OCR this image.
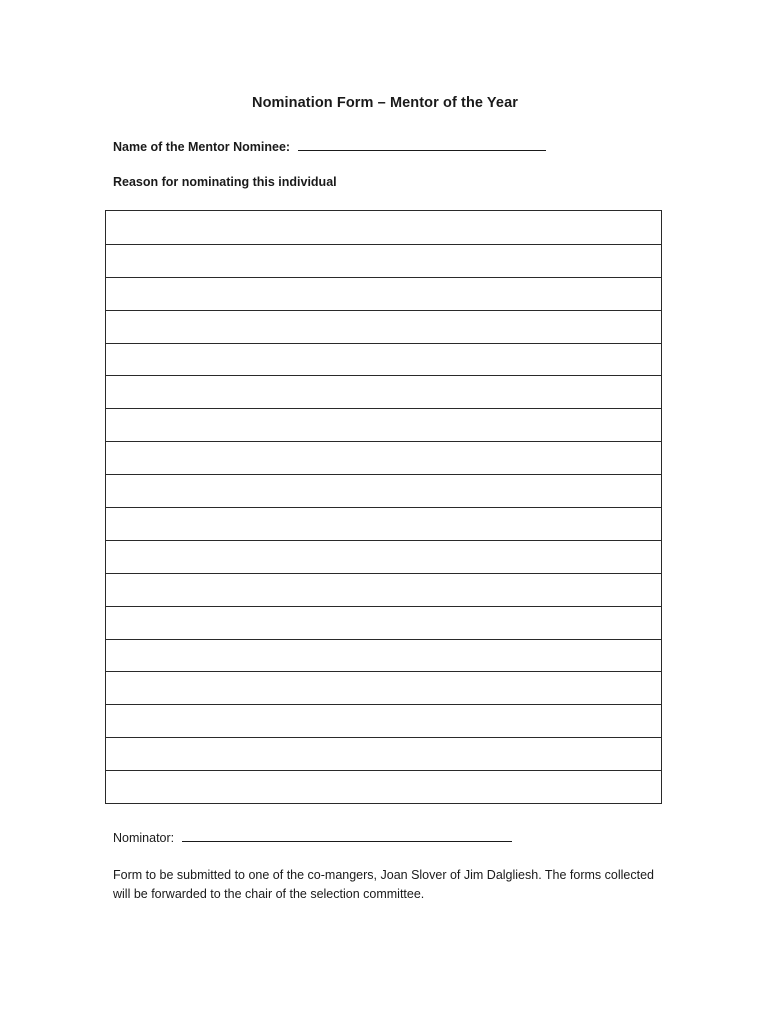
Nomination Form – Mentor of the Year
Name of the Mentor Nominee:
Reason for nominating this individual
Nominator:
Form to be submitted to one of the co-mangers, Joan Slover of Jim Dalgliesh. The forms collected will be forwarded to the chair of the selection committee.
